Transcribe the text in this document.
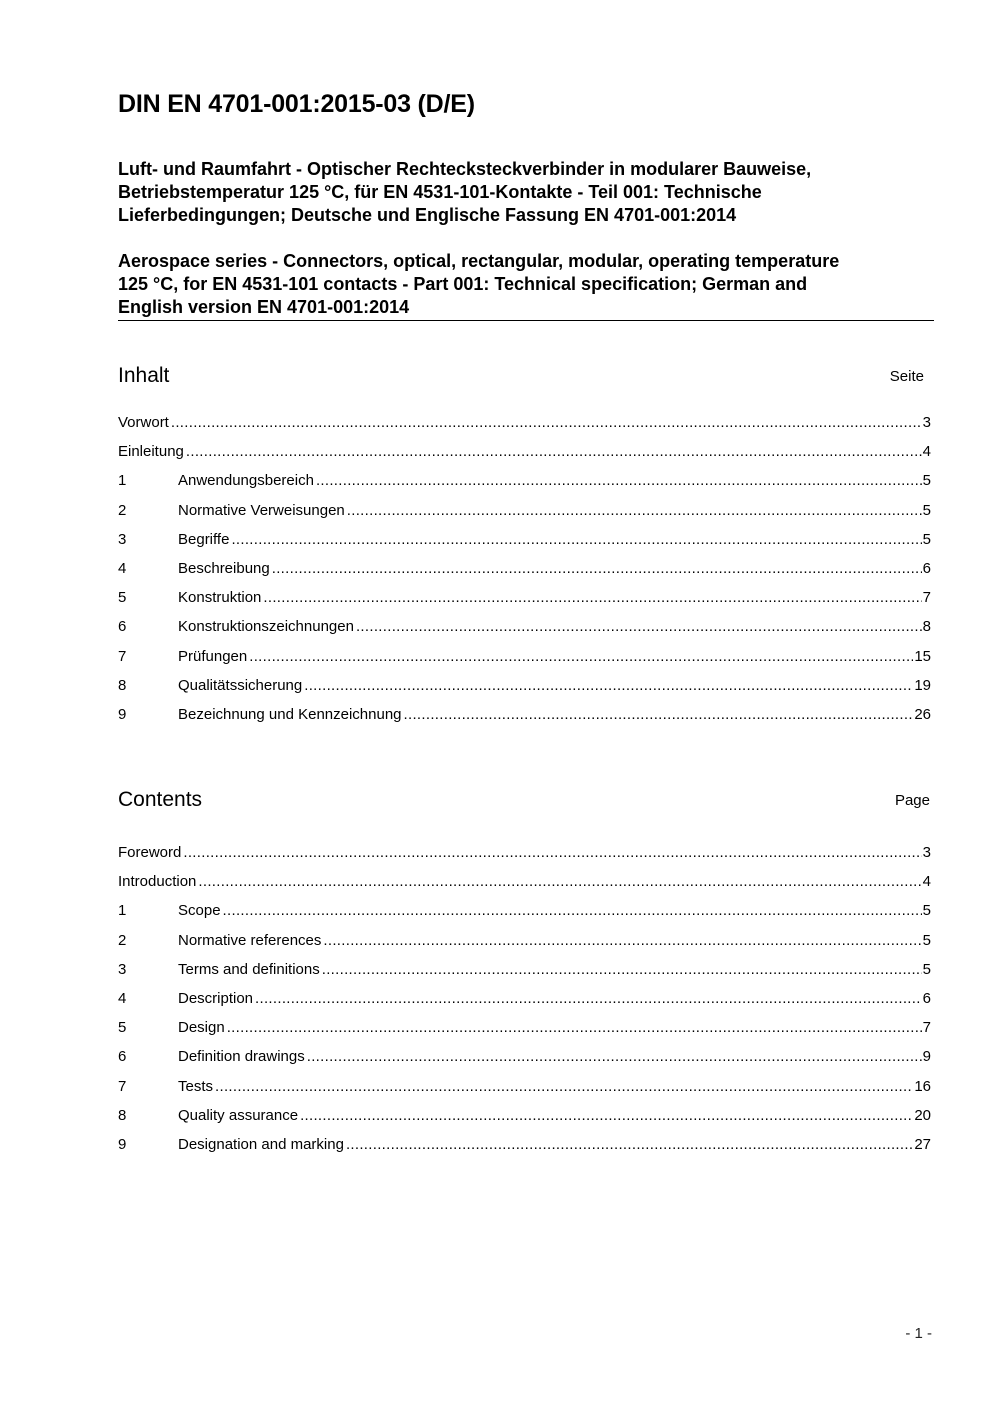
DIN EN 4701-001:2015-03 (D/E)
Luft- und Raumfahrt - Optischer Rechtecksteckverbinder in modularer Bauweise,
Betriebstemperatur 125 °C, für EN 4531-101-Kontakte - Teil 001: Technische
Lieferbedingungen; Deutsche und Englische Fassung EN 4701-001:2014
Aerospace series - Connectors, optical, rectangular, modular, operating temperature
125 °C, for EN 4531-101 contacts - Part 001: Technical specification; German and
English version EN 4701-001:2014
Inhalt	Seite
Vorwort .....	3
Einleitung .....	4
1	Anwendungsbereich .....	5
2	Normative Verweisungen .....	5
3	Begriffe .....	5
4	Beschreibung .....	6
5	Konstruktion .....	7
6	Konstruktionszeichnungen .....	8
7	Prüfungen .....	15
8	Qualitätssicherung .....	19
9	Bezeichnung und Kennzeichnung .....	26
Contents	Page
Foreword .....	3
Introduction .....	4
1	Scope .....	5
2	Normative references .....	5
3	Terms and definitions .....	5
4	Description .....	6
5	Design .....	7
6	Definition drawings .....	9
7	Tests .....	16
8	Quality assurance .....	20
9	Designation and marking .....	27
- 1 -
